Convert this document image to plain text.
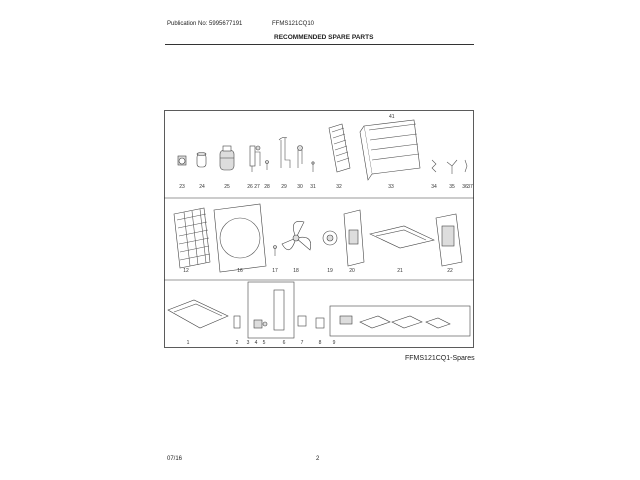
Publication No: 5995677191	FFMS121CQ10
RECOMMENDED SPARE PARTS
41
23	24	25	26 27 28 29 30 31	32	33	34 35 36 37
12	16	17	18	19	20	21	22
1	2 3 4 5	6	7	8 9
FFMS121CQ1-Spares
07/16	2
